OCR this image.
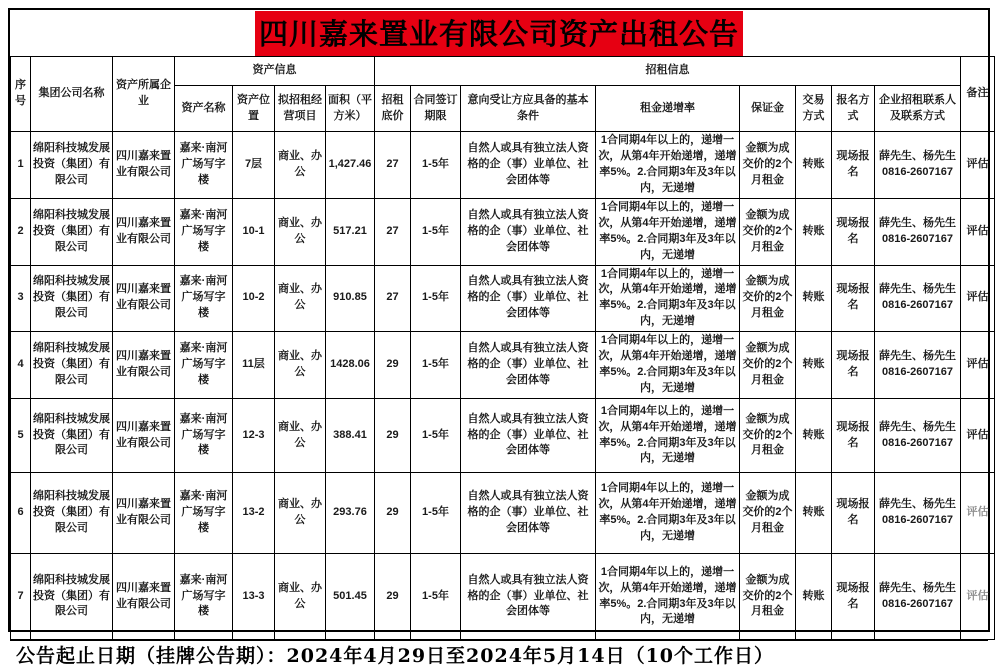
四川嘉来置业有限公司资产出租公告
序号	集团公司名称	资产所属企业	资产信息				招租信息								备注
			资产名称	资产位置	拟招租经营项目	面积（平方米）	招租底价	合同签订期限	意向受让方应具备的基本条件	租金递增率	保证金	交易方式	报名方式	企业招租联系人及联系方式	
1	绵阳科技城发展投资（集团）有限公司	四川嘉来置业有限公司	嘉来·南河广场写字楼	7层	商业、办公	1,427.46	27	1-5年	自然人或具有独立法人资格的企（事）业单位、社会团体等	1合同期4年以上的，递增一次，从第4年开始递增，递增率5%。2.合同期3年及3年以内，无递增	金额为成交价的2个月租金	转账	现场报名	薛先生、杨先生 0816-2607167	评估
2	绵阳科技城发展投资（集团）有限公司	四川嘉来置业有限公司	嘉来·南河广场写字楼	10-1	商业、办公	517.21	27	1-5年	自然人或具有独立法人资格的企（事）业单位、社会团体等	1合同期4年以上的，递增一次，从第4年开始递增，递增率5%。2.合同期3年及3年以内，无递增	金额为成交价的2个月租金	转账	现场报名	薛先生、杨先生 0816-2607167	评估
3	绵阳科技城发展投资（集团）有限公司	四川嘉来置业有限公司	嘉来·南河广场写字楼	10-2	商业、办公	910.85	27	1-5年	自然人或具有独立法人资格的企（事）业单位、社会团体等	1合同期4年以上的，递增一次，从第4年开始递增，递增率5%。2.合同期3年及3年以内，无递增	金额为成交价的2个月租金	转账	现场报名	薛先生、杨先生 0816-2607167	评估
4	绵阳科技城发展投资（集团）有限公司	四川嘉来置业有限公司	嘉来·南河广场写字楼	11层	商业、办公	1428.06	29	1-5年	自然人或具有独立法人资格的企（事）业单位、社会团体等	1合同期4年以上的，递增一次，从第4年开始递增，递增率5%。2.合同期3年及3年以内，无递增	金额为成交价的2个月租金	转账	现场报名	薛先生、杨先生 0816-2607167	评估
5	绵阳科技城发展投资（集团）有限公司	四川嘉来置业有限公司	嘉来·南河广场写字楼	12-3	商业、办公	388.41	29	1-5年	自然人或具有独立法人资格的企（事）业单位、社会团体等	1合同期4年以上的，递增一次，从第4年开始递增，递增率5%。2.合同期3年及3年以内，无递增	金额为成交价的2个月租金	转账	现场报名	薛先生、杨先生 0816-2607167	评估
6	绵阳科技城发展投资（集团）有限公司	四川嘉来置业有限公司	嘉来·南河广场写字楼	13-2	商业、办公	293.76	29	1-5年	自然人或具有独立法人资格的企（事）业单位、社会团体等	1合同期4年以上的，递增一次，从第4年开始递增，递增率5%。2.合同期3年及3年以内，无递增	金额为成交价的2个月租金	转账	现场报名	薛先生、杨先生 0816-2607167	评估
7	绵阳科技城发展投资（集团）有限公司	四川嘉来置业有限公司	嘉来·南河广场写字楼	13-3	商业、办公	501.45	29	1-5年	自然人或具有独立法人资格的企（事）业单位、社会团体等	1合同期4年以上的，递增一次，从第4年开始递增，递增率5%。2.合同期3年及3年以内，无递增	金额为成交价的2个月租金	转账	现场报名	薛先生、杨先生 0816-2607167	评估
公告起止日期（挂牌公告期）：2024年4月29日至2024年5月14日（10个工作日）
